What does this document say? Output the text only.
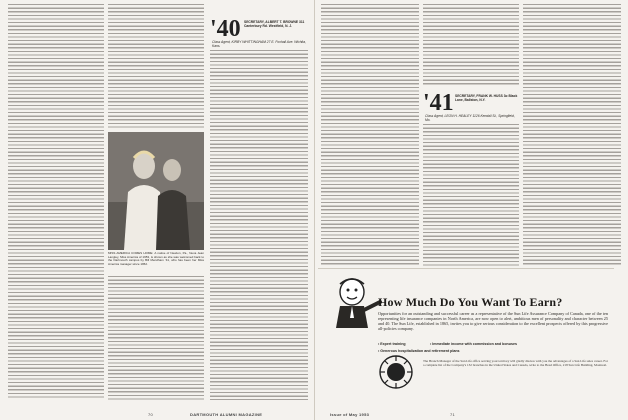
MISS AMERICA COMES HOME: A native of Newton, Pa., Neva Jean Langley, Miss America of 1953, is shown as she was welcomed back to the Dartmouth campus by Bill Mendham '41, who has been her Miss America manager since 1952.
'40 SECRETARY, ALBERT T. BROWNE 311 Canterbury Rd. Westfield, N. J.
Class Agent, KIRBY WHITTINGHAM 27 E. Foxhall Ave. Wichita, Kans.
70	DARTMOUTH ALUMNI MAGAZINE
'41 SECRETARY, FRANK W. HUSS 3o Black Lane, Ballston, N.Y.
Class Agent, LEON H. HEALEY 1126 Kendall St., Springfield, Mo.
How Much Do You Want To Earn?
Opportunities for an outstanding and successful career as a representative of the Sun Life Assurance Company of Canada, one of the ten representing life insurance companies in North America, are now open to alert, ambitious men of personality and character between 25 and 40. The Sun Life, established in 1865, invites you to give serious consideration to the excellent prospects offered by this progressive all-policies company.
• Expert training	• Immediate income with commission and bonuses
• Generous hospitalization and retirement plans
The Branch Manager of the Sun Life office serving your territory will gladly discuss with you the advantages of a Sun Life sales career. For a complete list of the Company's 132 branches in the United States and Canada, write to the Head Office, 218 Sun Life Building, Montreal.
Issue of May 1953	71
